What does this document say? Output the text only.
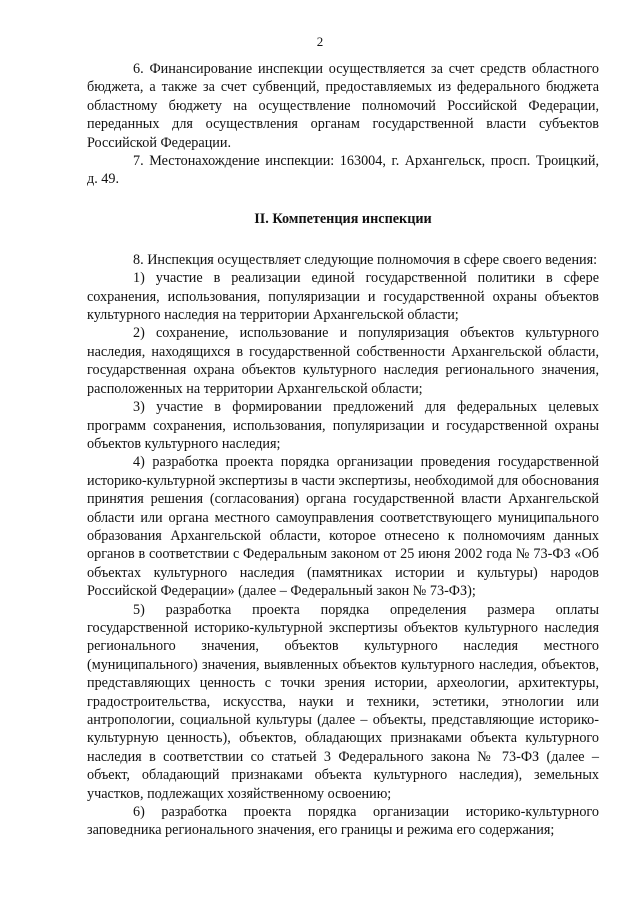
2

6. Финансирование инспекции осуществляется за счет средств областного бюджета, а также за счет субвенций, предоставляемых из федерального бюджета областному бюджету на осуществление полномочий Российской Федерации, переданных для осуществления органам государственной власти субъектов Российской Федерации.

7. Местонахождение инспекции: 163004, г. Архангельск, просп. Троицкий, д. 49.

II. Компетенция инспекции

8. Инспекция осуществляет следующие полномочия в сфере своего ведения:

1) участие в реализации единой государственной политики в сфере сохранения, использования, популяризации и государственной охраны объектов культурного наследия на территории Архангельской области;

2) сохранение, использование и популяризация объектов культурного наследия, находящихся в государственной собственности Архангельской области, государственная охрана объектов культурного наследия регионального значения, расположенных на территории Архангельской области;

3) участие в формировании предложений для федеральных целевых программ сохранения, использования, популяризации и государственной охраны объектов культурного наследия;

4) разработка проекта порядка организации проведения государственной историко-культурной экспертизы в части экспертизы, необходимой для обоснования принятия решения (согласования) органа государственной власти Архангельской области или органа местного самоуправления соответствующего муниципального образования Архангельской области, которое отнесено к полномочиям данных органов в соответствии с Федеральным законом от 25 июня 2002 года № 73-ФЗ «Об объектах культурного наследия (памятниках истории и культуры) народов Российской Федерации» (далее – Федеральный закон № 73-ФЗ);

5) разработка проекта порядка определения размера оплаты государственной историко-культурной экспертизы объектов культурного наследия регионального значения, объектов культурного наследия местного (муниципального) значения, выявленных объектов культурного наследия, объектов, представляющих ценность с точки зрения истории, археологии, архитектуры, градостроительства, искусства, науки и техники, эстетики, этнологии или антропологии, социальной культуры (далее – объекты, представляющие историко-культурную ценность), объектов, обладающих признаками объекта культурного наследия в соответствии со статьей 3 Федерального закона № 73-ФЗ (далее – объект, обладающий признаками объекта культурного наследия), земельных участков, подлежащих хозяйственному освоению;

6) разработка проекта порядка организации историко-культурного заповедника регионального значения, его границы и режима его содержания;
